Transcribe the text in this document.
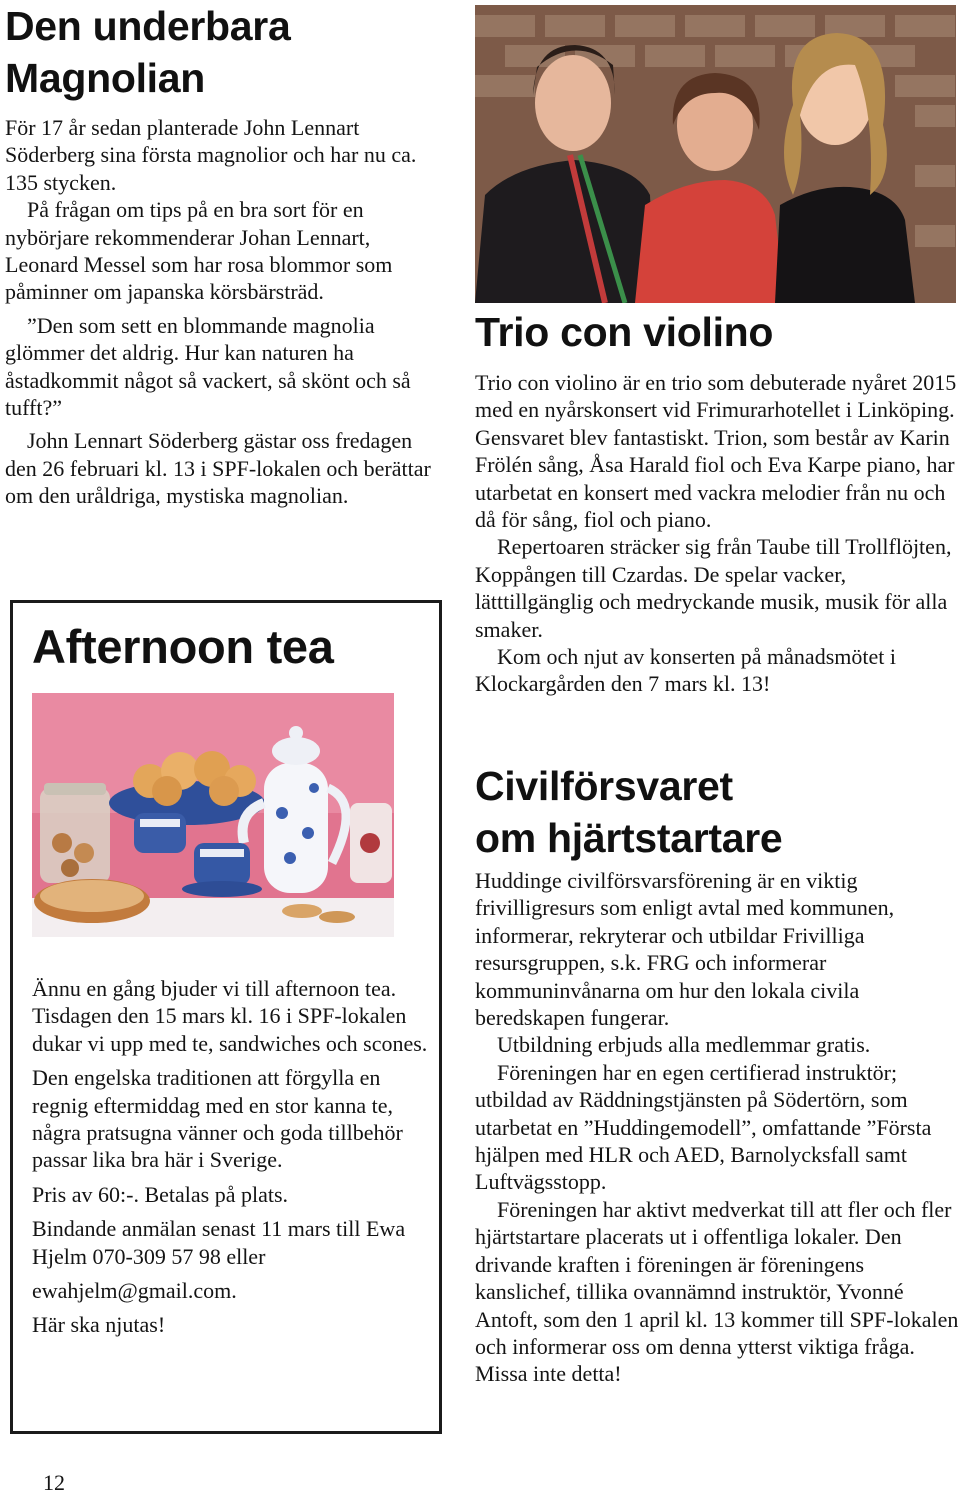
Den underbara
Magnolian

För 17 år sedan planterade John Lennart Söderberg sina första magnolior och har nu ca. 135 stycken.

På frågan om tips på en bra sort för en nybörjare rekommenderar Johan Lennart, Leonard Messel som har rosa blommor som påminner om japanska körsbärsträd.

”Den som sett en blommande magnolia glömmer det aldrig. Hur kan naturen ha åstadkommit något så vackert, så skönt och så tufft?”

John Lennart Söderberg gästar oss fredagen den 26 februari kl. 13 i SPF-lokalen och berättar om den uråldriga, mystiska magnolian.

Afternoon tea

Ännu en gång bjuder vi till afternoon tea. Tisdagen den 15 mars kl. 16 i SPF-lokalen dukar vi upp med te, sandwiches och scones.

Den engelska traditionen att förgylla en regnig eftermiddag med en stor kanna te, några pratsugna vänner och goda tillbehör passar lika bra här i Sverige.

Pris av 60:-. Betalas på plats.

Bindande anmälan senast 11 mars till Ewa Hjelm 070-309 57 98 eller

ewahjelm@gmail.com.

Här ska njutas!

Trio con violino

Trio con violino är en trio som debuterade nyåret 2015 med en nyårskonsert vid Frimurarhotellet i Linköping. Gensvaret blev fantastiskt. Trion, som består av Karin Frölén sång, Åsa Harald fiol och Eva Karpe piano, har utarbetat en konsert med vackra melodier från nu och då för sång, fiol och piano.

Repertoaren sträcker sig från Taube till Trollflöjten, Koppången till Czardas. De spelar vacker, lätttillgänglig och medryckande musik, musik för alla smaker.

Kom och njut av konserten på månadsmötet i Klockargården den 7 mars kl. 13!

Civilförsvaret
om hjärtstartare

Huddinge civilförsvarsförening är en viktig frivilligresurs som enligt avtal med kommunen, informerar, rekryterar och utbildar Frivilliga resursgruppen, s.k. FRG och informerar kommuninvånarna om hur den lokala civila beredskapen fungerar.

Utbildning erbjuds alla medlemmar gratis.

Föreningen har en egen certifierad instruktör; utbildad av Räddningstjänsten på Södertörn, som utarbetat en ”Huddingemodell”, omfattande ”Första hjälpen med HLR och AED, Barnolycksfall samt Luftvägsstopp.

Föreningen har aktivt medverkat till att fler och fler hjärtstartare placerats ut i offentliga lokaler. Den drivande kraften i föreningen är föreningens kanslichef, tillika ovannämnd instruktör, Yvonné Antoft, som den 1 april kl. 13 kommer till SPF-lokalen och informerar oss om denna ytterst viktiga fråga. Missa inte detta!

12
